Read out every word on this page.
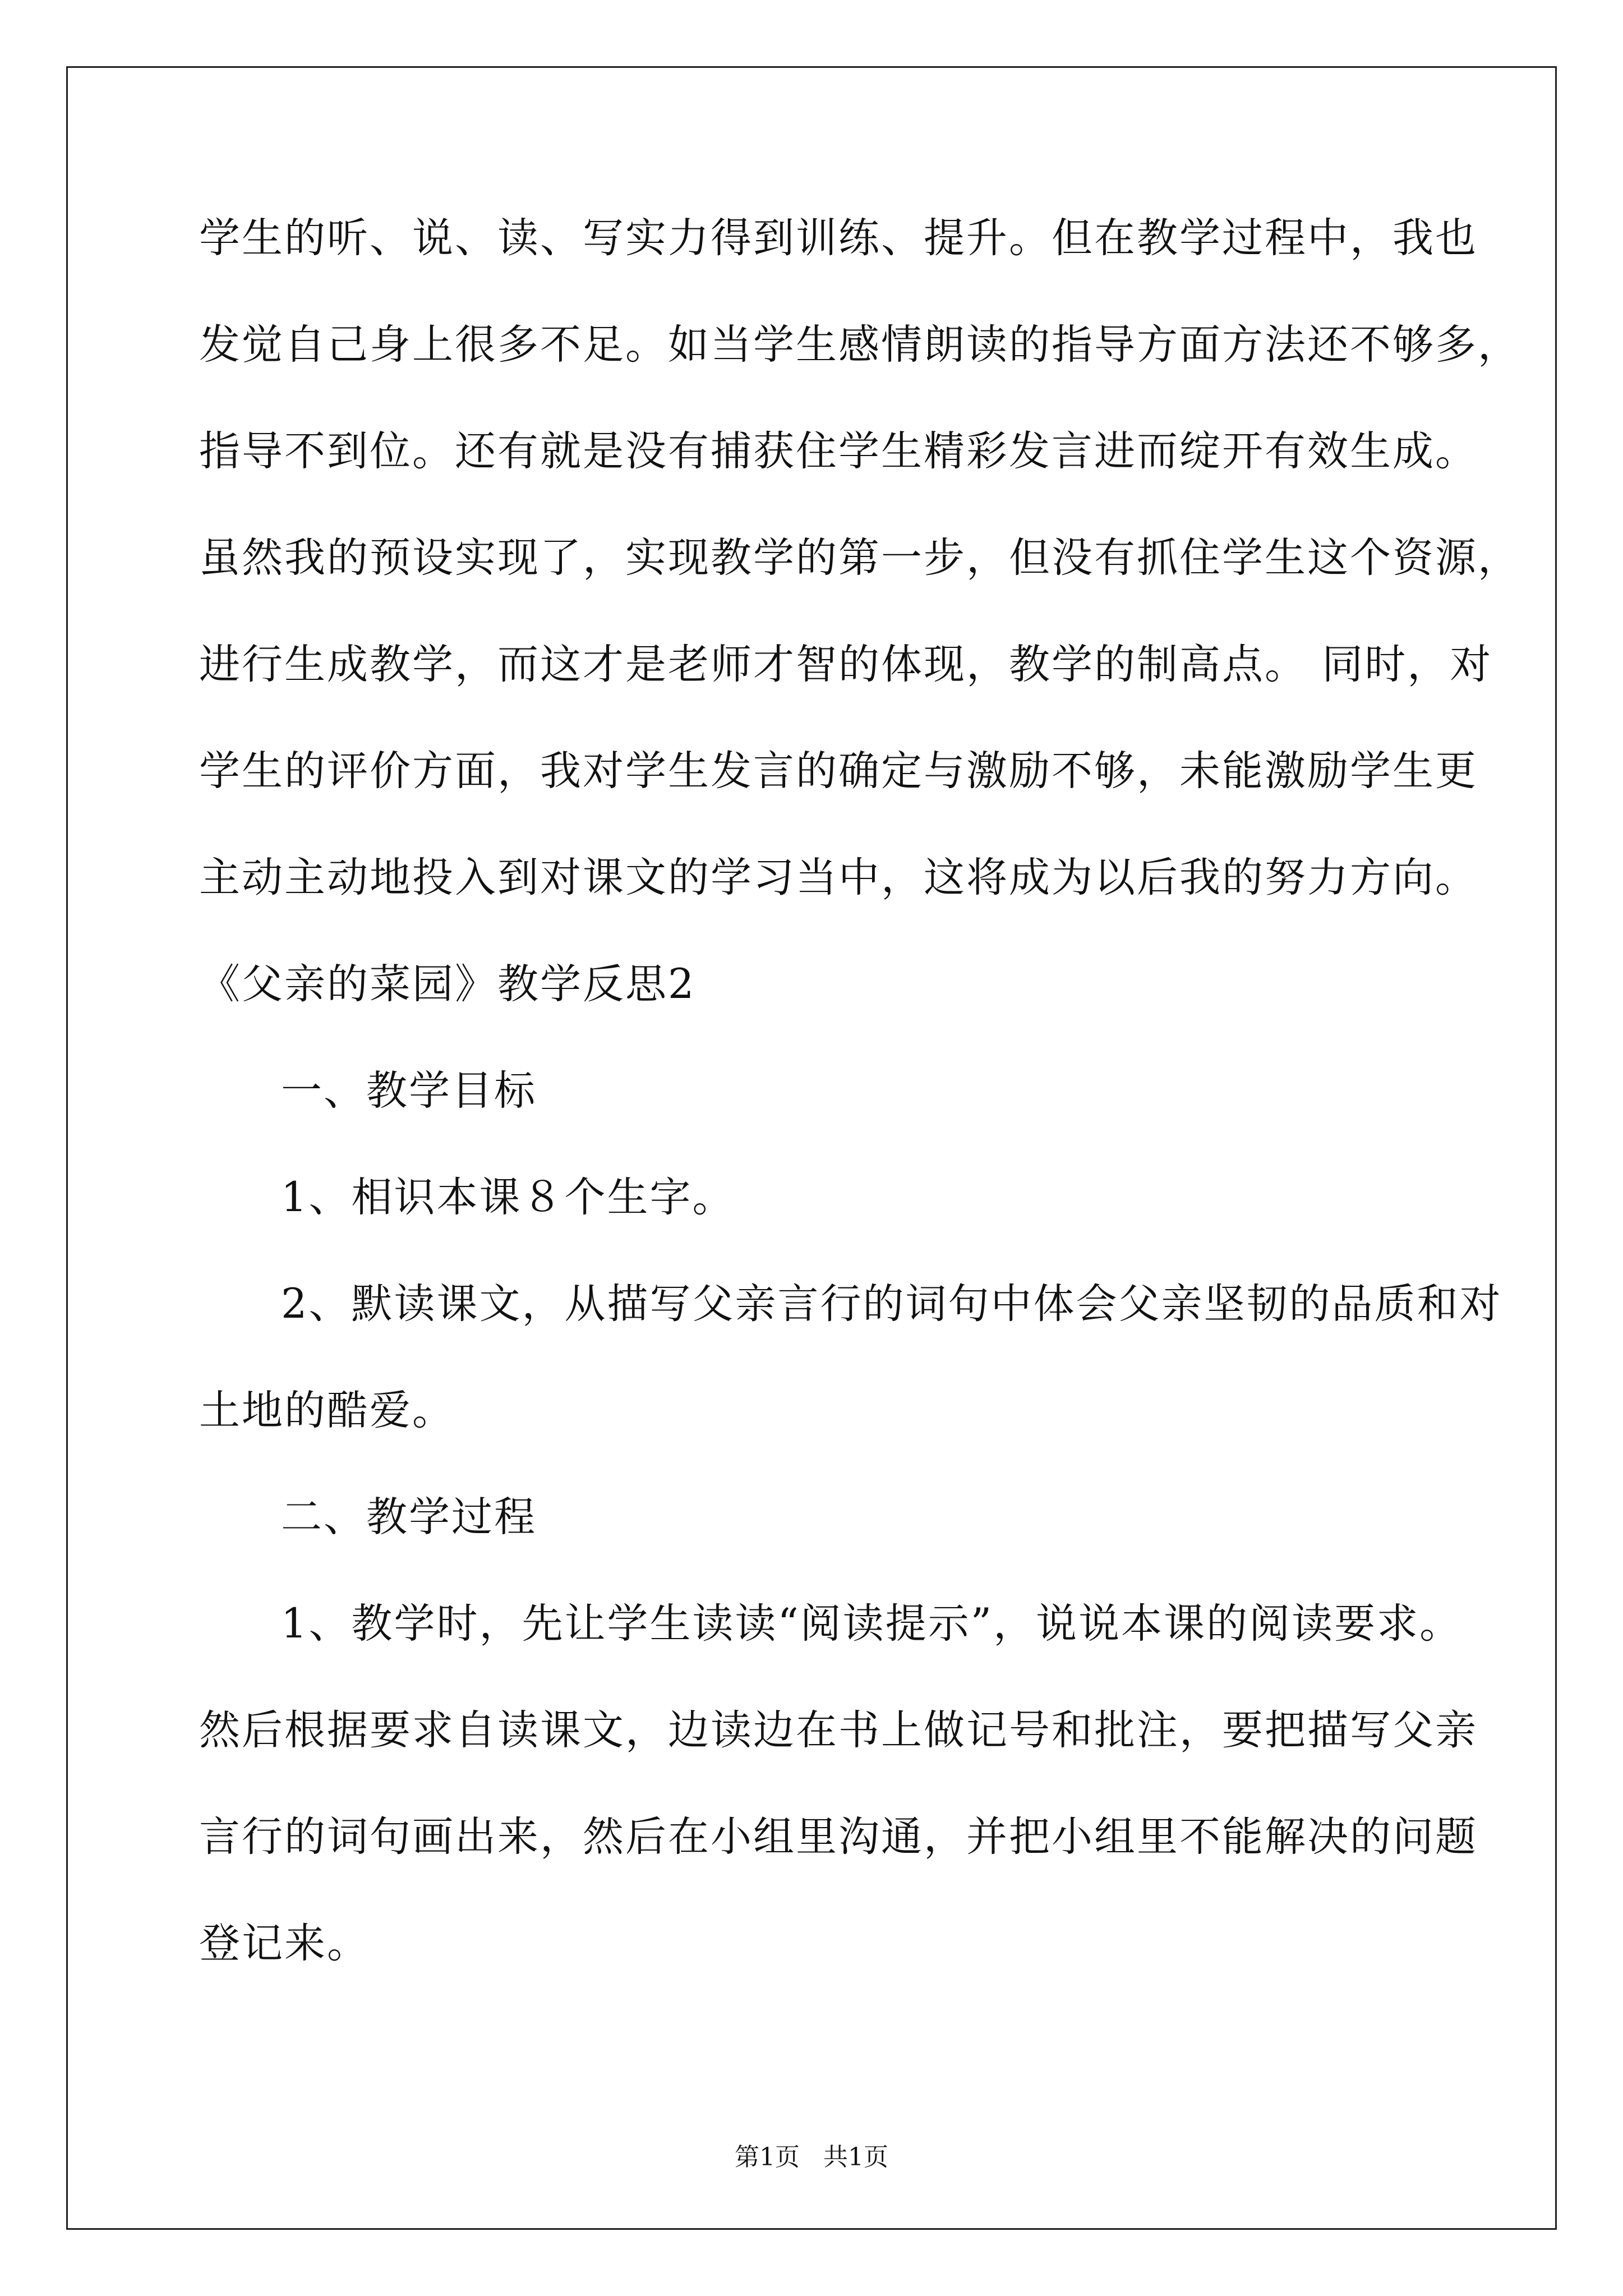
学生的听、说、读、写实力得到训练、提升。但在教学过程中，我也
发觉自己身上很多不足。如当学生感情朗读的指导方面方法还不够多，
指导不到位。还有就是没有捕获住学生精彩发言进而绽开有效生成。
虽然我的预设实现了，实现教学的第一步，但没有抓住学生这个资源，
进行生成教学，而这才是老师才智的体现，教学的制高点。 同时，对
学生的评价方面，我对学生发言的确定与激励不够，未能激励学生更
主动主动地投入到对课文的学习当中，这将成为以后我的努力方向。
《父亲的菜园》教学反思2
一、教学目标
1、相识本课８个生字。
2、默读课文，从描写父亲言行的词句中体会父亲坚韧的品质和对
土地的酷爱。
二、教学过程
1、教学时，先让学生读读“阅读提示”，说说本课的阅读要求。
然后根据要求自读课文，边读边在书上做记号和批注，要把描写父亲
言行的词句画出来，然后在小组里沟通，并把小组里不能解决的问题
登记来。
第1页   共1页
